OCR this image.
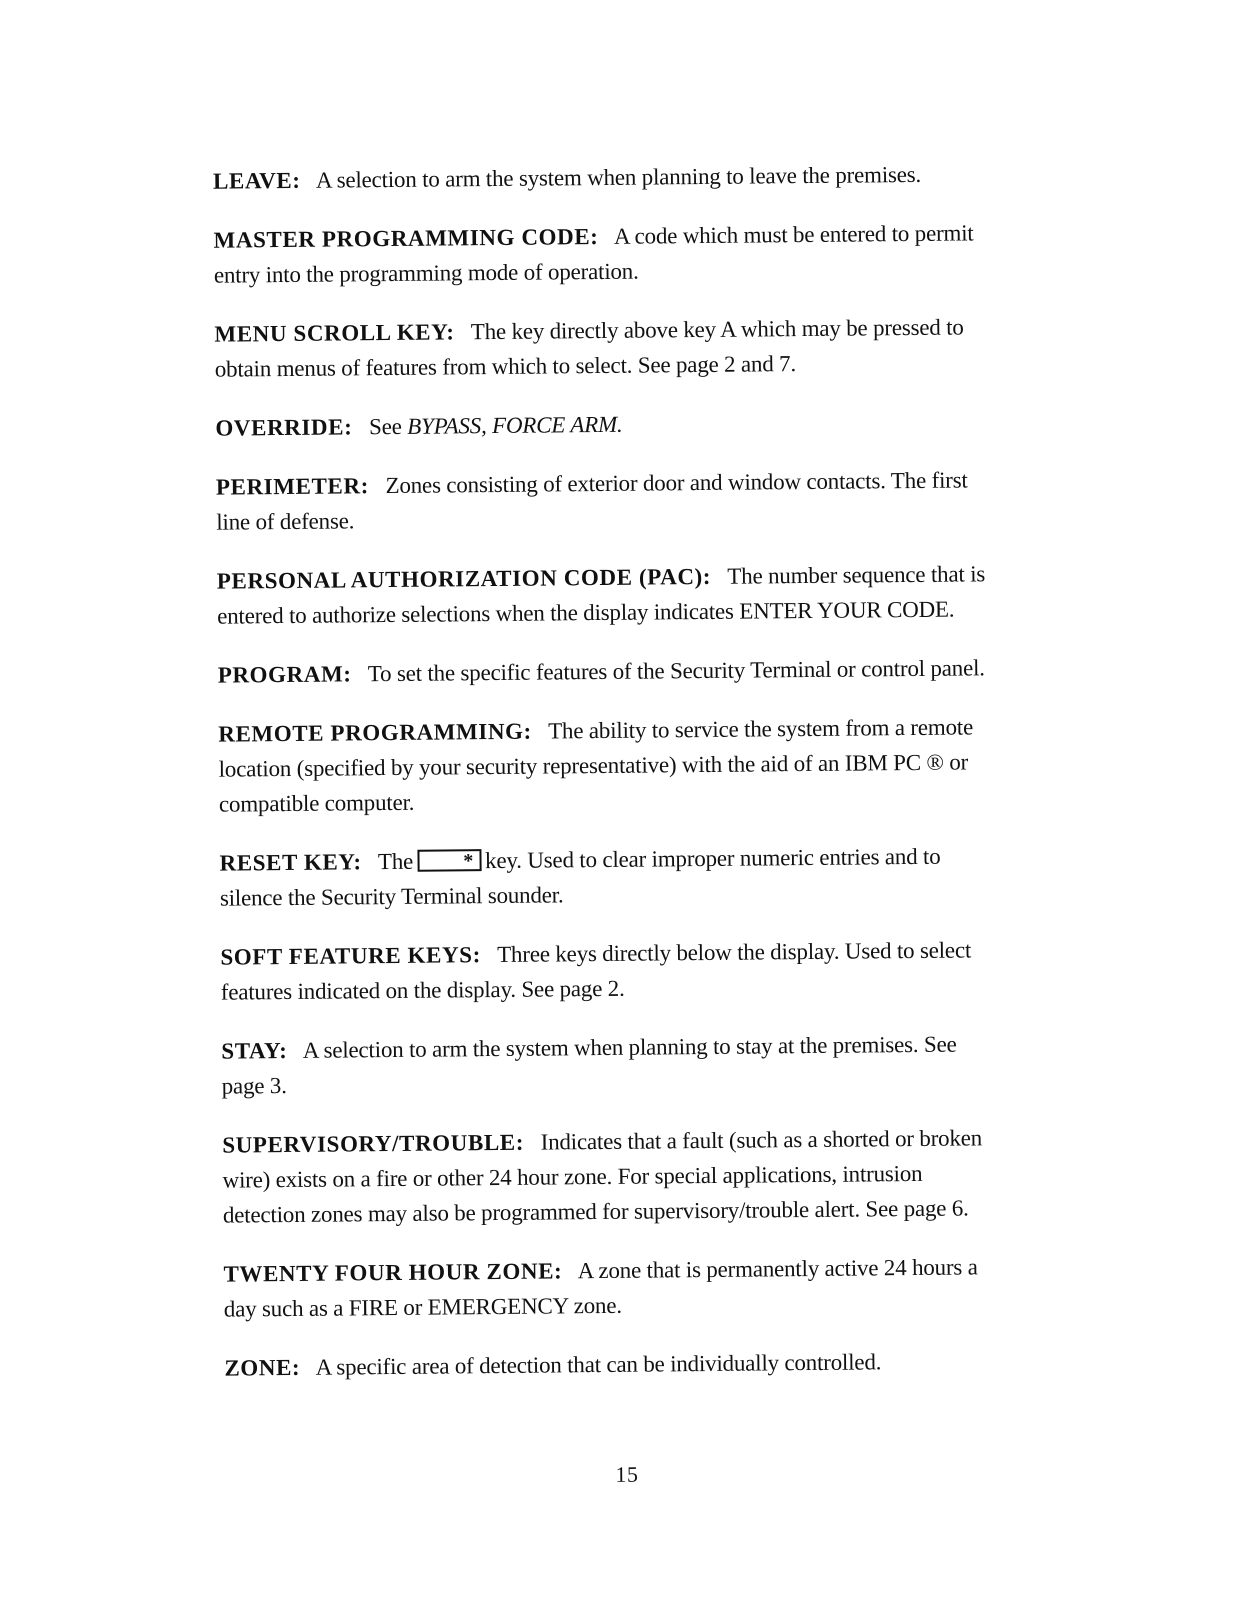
LEAVE: A selection to arm the system when planning to leave the premises.
MASTER PROGRAMMING CODE: A code which must be entered to permit entry into the programming mode of operation.
MENU SCROLL KEY: The key directly above key A which may be pressed to obtain menus of features from which to select. See page 2 and 7.
OVERRIDE: See BYPASS, FORCE ARM.
PERIMETER: Zones consisting of exterior door and window contacts. The first line of defense.
PERSONAL AUTHORIZATION CODE (PAC): The number sequence that is entered to authorize selections when the display indicates ENTER YOUR CODE.
PROGRAM: To set the specific features of the Security Terminal or control panel.
REMOTE PROGRAMMING: The ability to service the system from a remote location (specified by your security representative) with the aid of an IBM PC ® or compatible computer.
RESET KEY: The * key. Used to clear improper numeric entries and to silence the Security Terminal sounder.
SOFT FEATURE KEYS: Three keys directly below the display. Used to select features indicated on the display. See page 2.
STAY: A selection to arm the system when planning to stay at the premises. See page 3.
SUPERVISORY/TROUBLE: Indicates that a fault (such as a shorted or broken wire) exists on a fire or other 24 hour zone. For special applications, intrusion detection zones may also be programmed for supervisory/trouble alert. See page 6.
TWENTY FOUR HOUR ZONE: A zone that is permanently active 24 hours a day such as a FIRE or EMERGENCY zone.
ZONE: A specific area of detection that can be individually controlled.
15
